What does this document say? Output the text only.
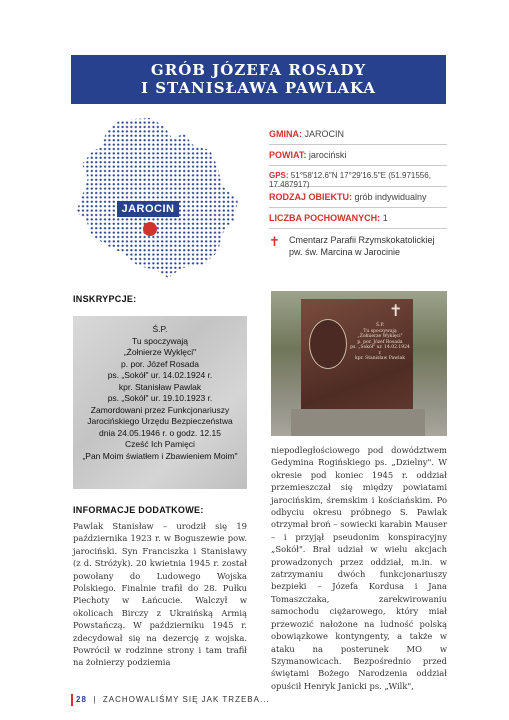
GRÓB JÓZEFA ROSADY
I STANISŁAWA PAWLAKA
JAROCIN
GMINA: JAROCIN
POWIAT: jarociński
GPS: 51°58'12.6"N 17°29'16.5"E (51.971556, 17.487917)
RODZAJ OBIEKTU: grób indywidualny
LICZBA POCHOWANYCH: 1
✝ Cmentarz Parafii Rzymskokatolickiej
pw. św. Marcina w Jarocinie
INSKRYPCJE:
Ś.P.
Tu spoczywają
„Żołnierze Wyklęci"
p. por. Józef Rosada
ps. „Sokół" ur. 14.02.1924 r.
kpr. Stanisław Pawlak
ps. „Sokół" ur. 19.10.1923 r.
Zamordowani przez Funkcjonariuszy
Jarocińskiego Urzędu Bezpieczeństwa
dnia 24.05.1946 r. o godz. 12.15
Cześć Ich Pamięci
„Pan Moim światłem i Zbawieniem Moim"
✝
Ś.P.
Tu spoczywają
„Żołnierze Wyklęci"
p. por. Józef Rosada
ps. „Sokół" ur. 14.02.1924 r.
kpr. Stanisław Pawlak
INFORMACJE DODATKOWE:

Pawlak Stanisław – urodził się 19 października 1923 r. w Boguszewie pow. jarociński. Syn Franciszka i Stanisławy (z d. Stróżyk). 20 kwietnia 1945 r. został powołany do Ludowego Wojska Polskiego. Finalnie trafił do 28. Pułku Piechoty w Łańcucie. Walczył w okolicach Birczy z Ukraińską Armią Powstańczą. W październiku 1945 r. zdecydował się na dezercję z wojska. Powrócił w rodzinne strony i tam trafił na żołnierzy podziemia

niepodległościowego pod dowództwem Gedyminа Rogińskiego ps. „Dzielny". W okresie pod koniec 1945 r. oddział przemieszczał się między powiatami jarocińskim, śremskim i kościańskim. Po odbyciu okresu próbnego S. Pawlak otrzymał broń – sowiecki karabin Mauser – i przyjął pseudonim konspiracyjny „Sokół". Brał udział w wielu akcjach prowadzonych przez oddział, m.in. w zatrzymaniu dwóch funkcjonariuszy bezpieki – Józefa Kordusa i Jana Tomaszczaka, zarekwirowaniu samochodu ciężarowego, który miał przewozić nałożone na ludność polską obowiązkowe kontyngenty, a także w ataku na posterunek MO w Szymanowicach. Bezpośrednio przed świętami Bożego Narodzenia oddział opuścił Henryk Janicki ps. „Wilk",

28  |  ZACHOWALIŚMY SIĘ JAK TRZEBA...
